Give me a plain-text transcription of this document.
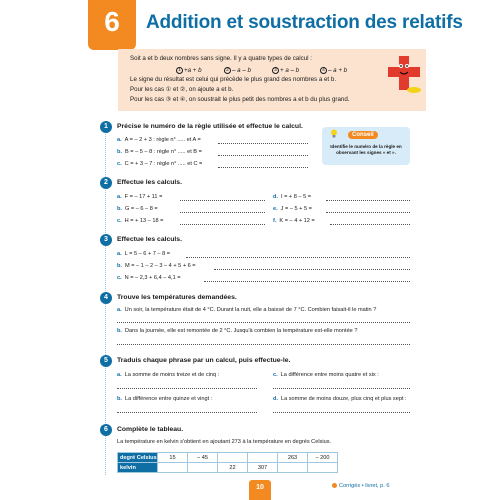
6	Addition et soustraction des relatifs
Soit a et b deux nombres sans signe. Il y a quatre types de calcul :
1 +a + b	2 – a – b	3 + a – b	4 – a + b
Le signe du résultat est celui qui précède le plus grand des nombres a et b.
Pour les cas ① et ②, on ajoute a et b.
Pour les cas ③ et ④, on soustrait le plus petit des nombres a et b du plus grand.
1	Précise le numéro de la règle utilisée et effectue le calcul.
a. A = – 2 + 3 : règle n° ..... et A =
b. B = – 5 – 8 : règle n° ..... et B =
c. C = + 3 – 7 : règle n° ..... et C =
Conseil
Identifie le numéro de la règle en observant les signes « et ».
2	Effectue les calculs.
a. F = – 17 + 11 =
b. G = – 6 – 8 =
c. H = + 13 – 18 =
d. I = + 8 – 5 =
e. J = – 5 + 5 =
f. K = – 4 + 12 =
3	Effectue les calculs.
a. L = 5 – 6 + 7 – 8 =
b. M = – 1 – 2 – 3 – 4 + 5 + 6 =
c. N = – 2,3 + 6,4 – 4,1 =
4	Trouve les températures demandées.
a. Un soir, la température était de 4 °C. Durant la nuit, elle a baissé de 7 °C. Combien faisait-il le matin ?
b. Dans la journée, elle est remontée de 2 °C. Jusqu'à combien la température est-elle montée ?
5	Traduis chaque phrase par un calcul, puis effectue-le.
a. La somme de moins treize et de cinq :
b. La différence entre quinze et vingt :
c. La différence entre moins quatre et six :
d. La somme de moins douze, plus cinq et plus sept :
6	Complète le tableau.
La température en kelvin s'obtient en ajoutant 273 à la température en degrés Celsius.
degré Celsius	15	– 45			263	– 200
kelvin			22	307		
10	Corrigés • livret, p. 6
